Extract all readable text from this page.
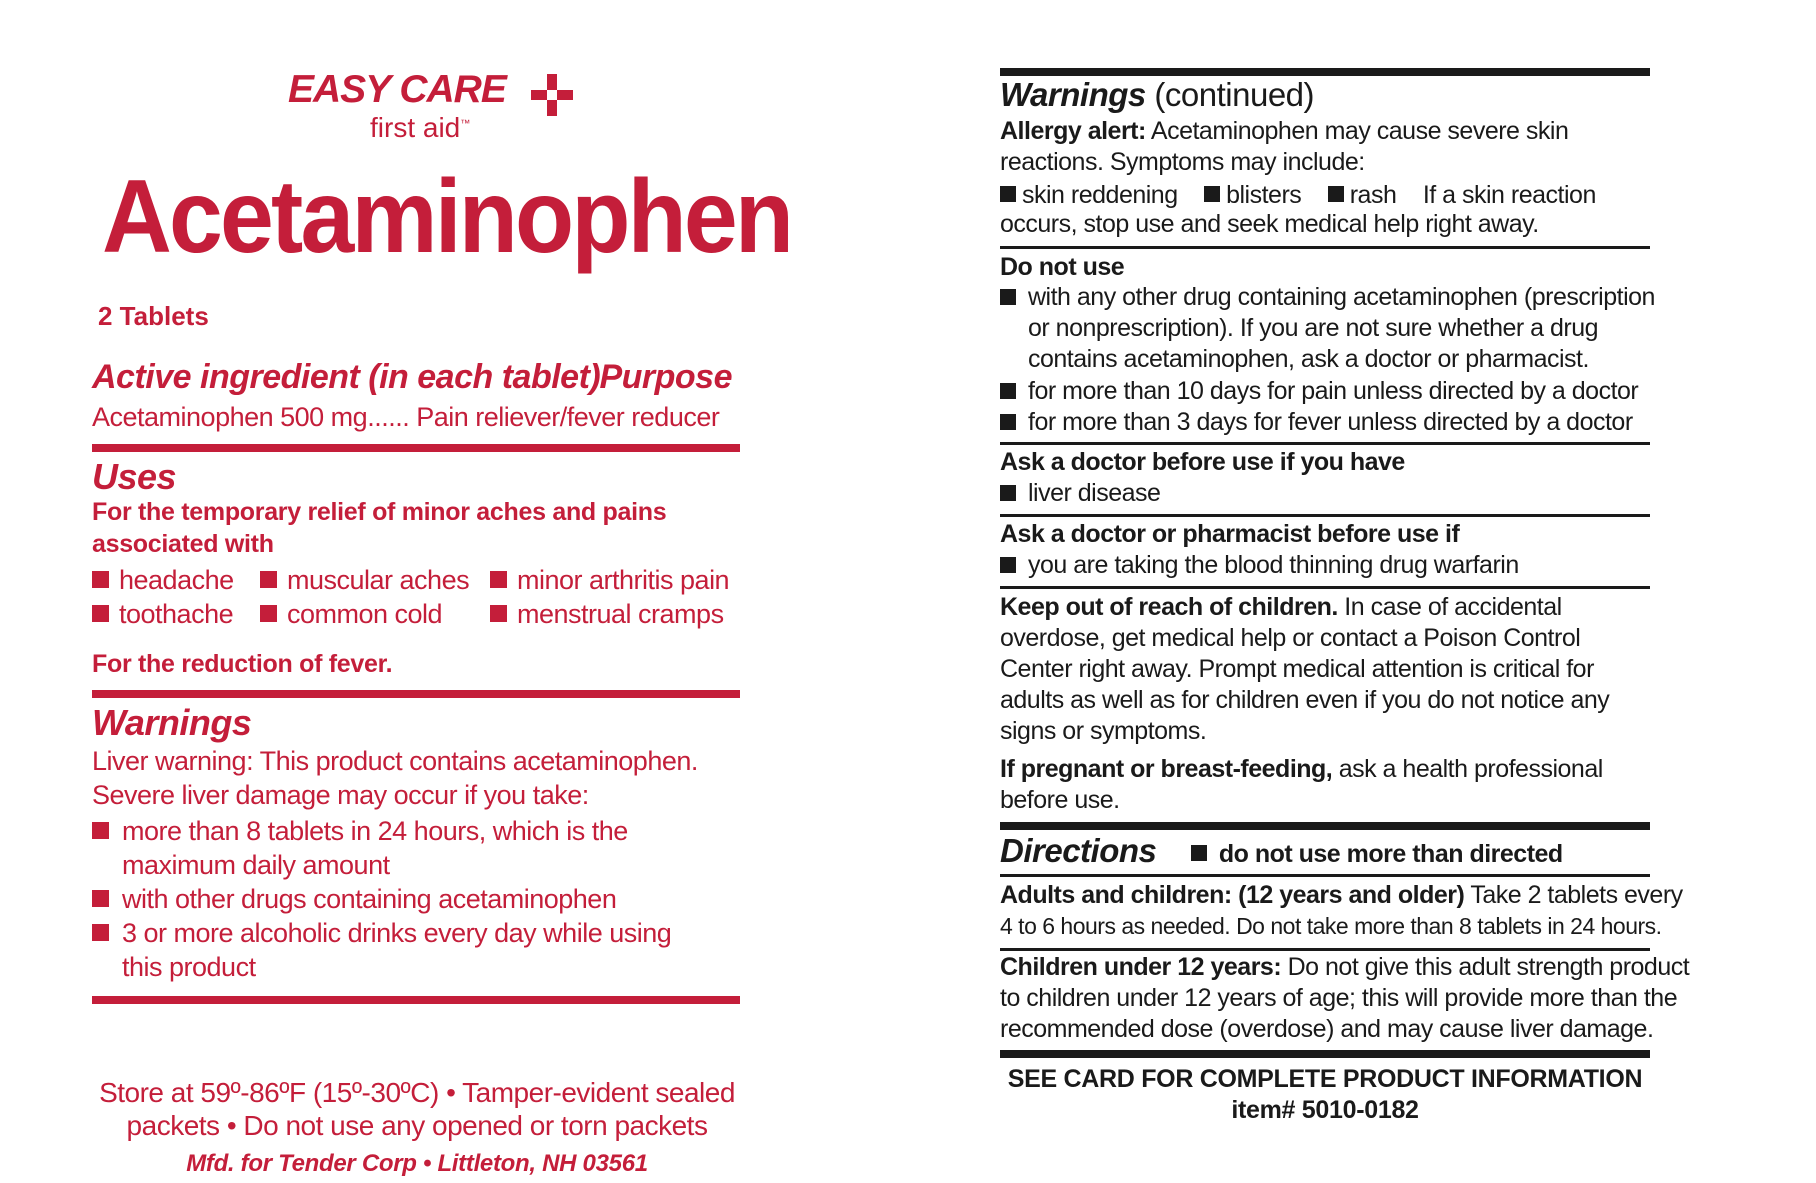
EASY CARE
first aid™
Acetaminophen
2 Tablets
Active ingredient (in each tablet) Purpose
Acetaminophen 500 mg...... Pain reliever/fever reducer
Uses
For the temporary relief of minor aches and pains
associated with
headache	muscular aches	minor arthritis pain
toothache	common cold	menstrual cramps
For the reduction of fever.
Warnings
Liver warning: This product contains acetaminophen.
Severe liver damage may occur if you take:
more than 8 tablets in 24 hours, which is the maximum daily amount
with other drugs containing acetaminophen
3 or more alcoholic drinks every day while using this product
Store at 59º-86ºF (15º-30ºC) • Tamper-evident sealed
packets • Do not use any opened or torn packets
Mfd. for Tender Corp • Littleton, NH 03561
Warnings (continued)
Allergy alert: Acetaminophen may cause severe skin
reactions. Symptoms may include:
skin reddening blisters rash If a skin reaction
occurs, stop use and seek medical help right away.
Do not use
with any other drug containing acetaminophen (prescription or nonprescription). If you are not sure whether a drug contains acetaminophen, ask a doctor or pharmacist.
for more than 10 days for pain unless directed by a doctor
for more than 3 days for fever unless directed by a doctor
Ask a doctor before use if you have
liver disease
Ask a doctor or pharmacist before use if
you are taking the blood thinning drug warfarin
Keep out of reach of children. In case of accidental
overdose, get medical help or contact a Poison Control
Center right away. Prompt medical attention is critical for
adults as well as for children even if you do not notice any
signs or symptoms.
If pregnant or breast-feeding, ask a health professional
before use.
Directions do not use more than directed
Adults and children: (12 years and older) Take 2 tablets every
4 to 6 hours as needed. Do not take more than 8 tablets in 24 hours.
Children under 12 years: Do not give this adult strength product
to children under 12 years of age; this will provide more than the
recommended dose (overdose) and may cause liver damage.
SEE CARD FOR COMPLETE PRODUCT INFORMATION
item# 5010-0182
